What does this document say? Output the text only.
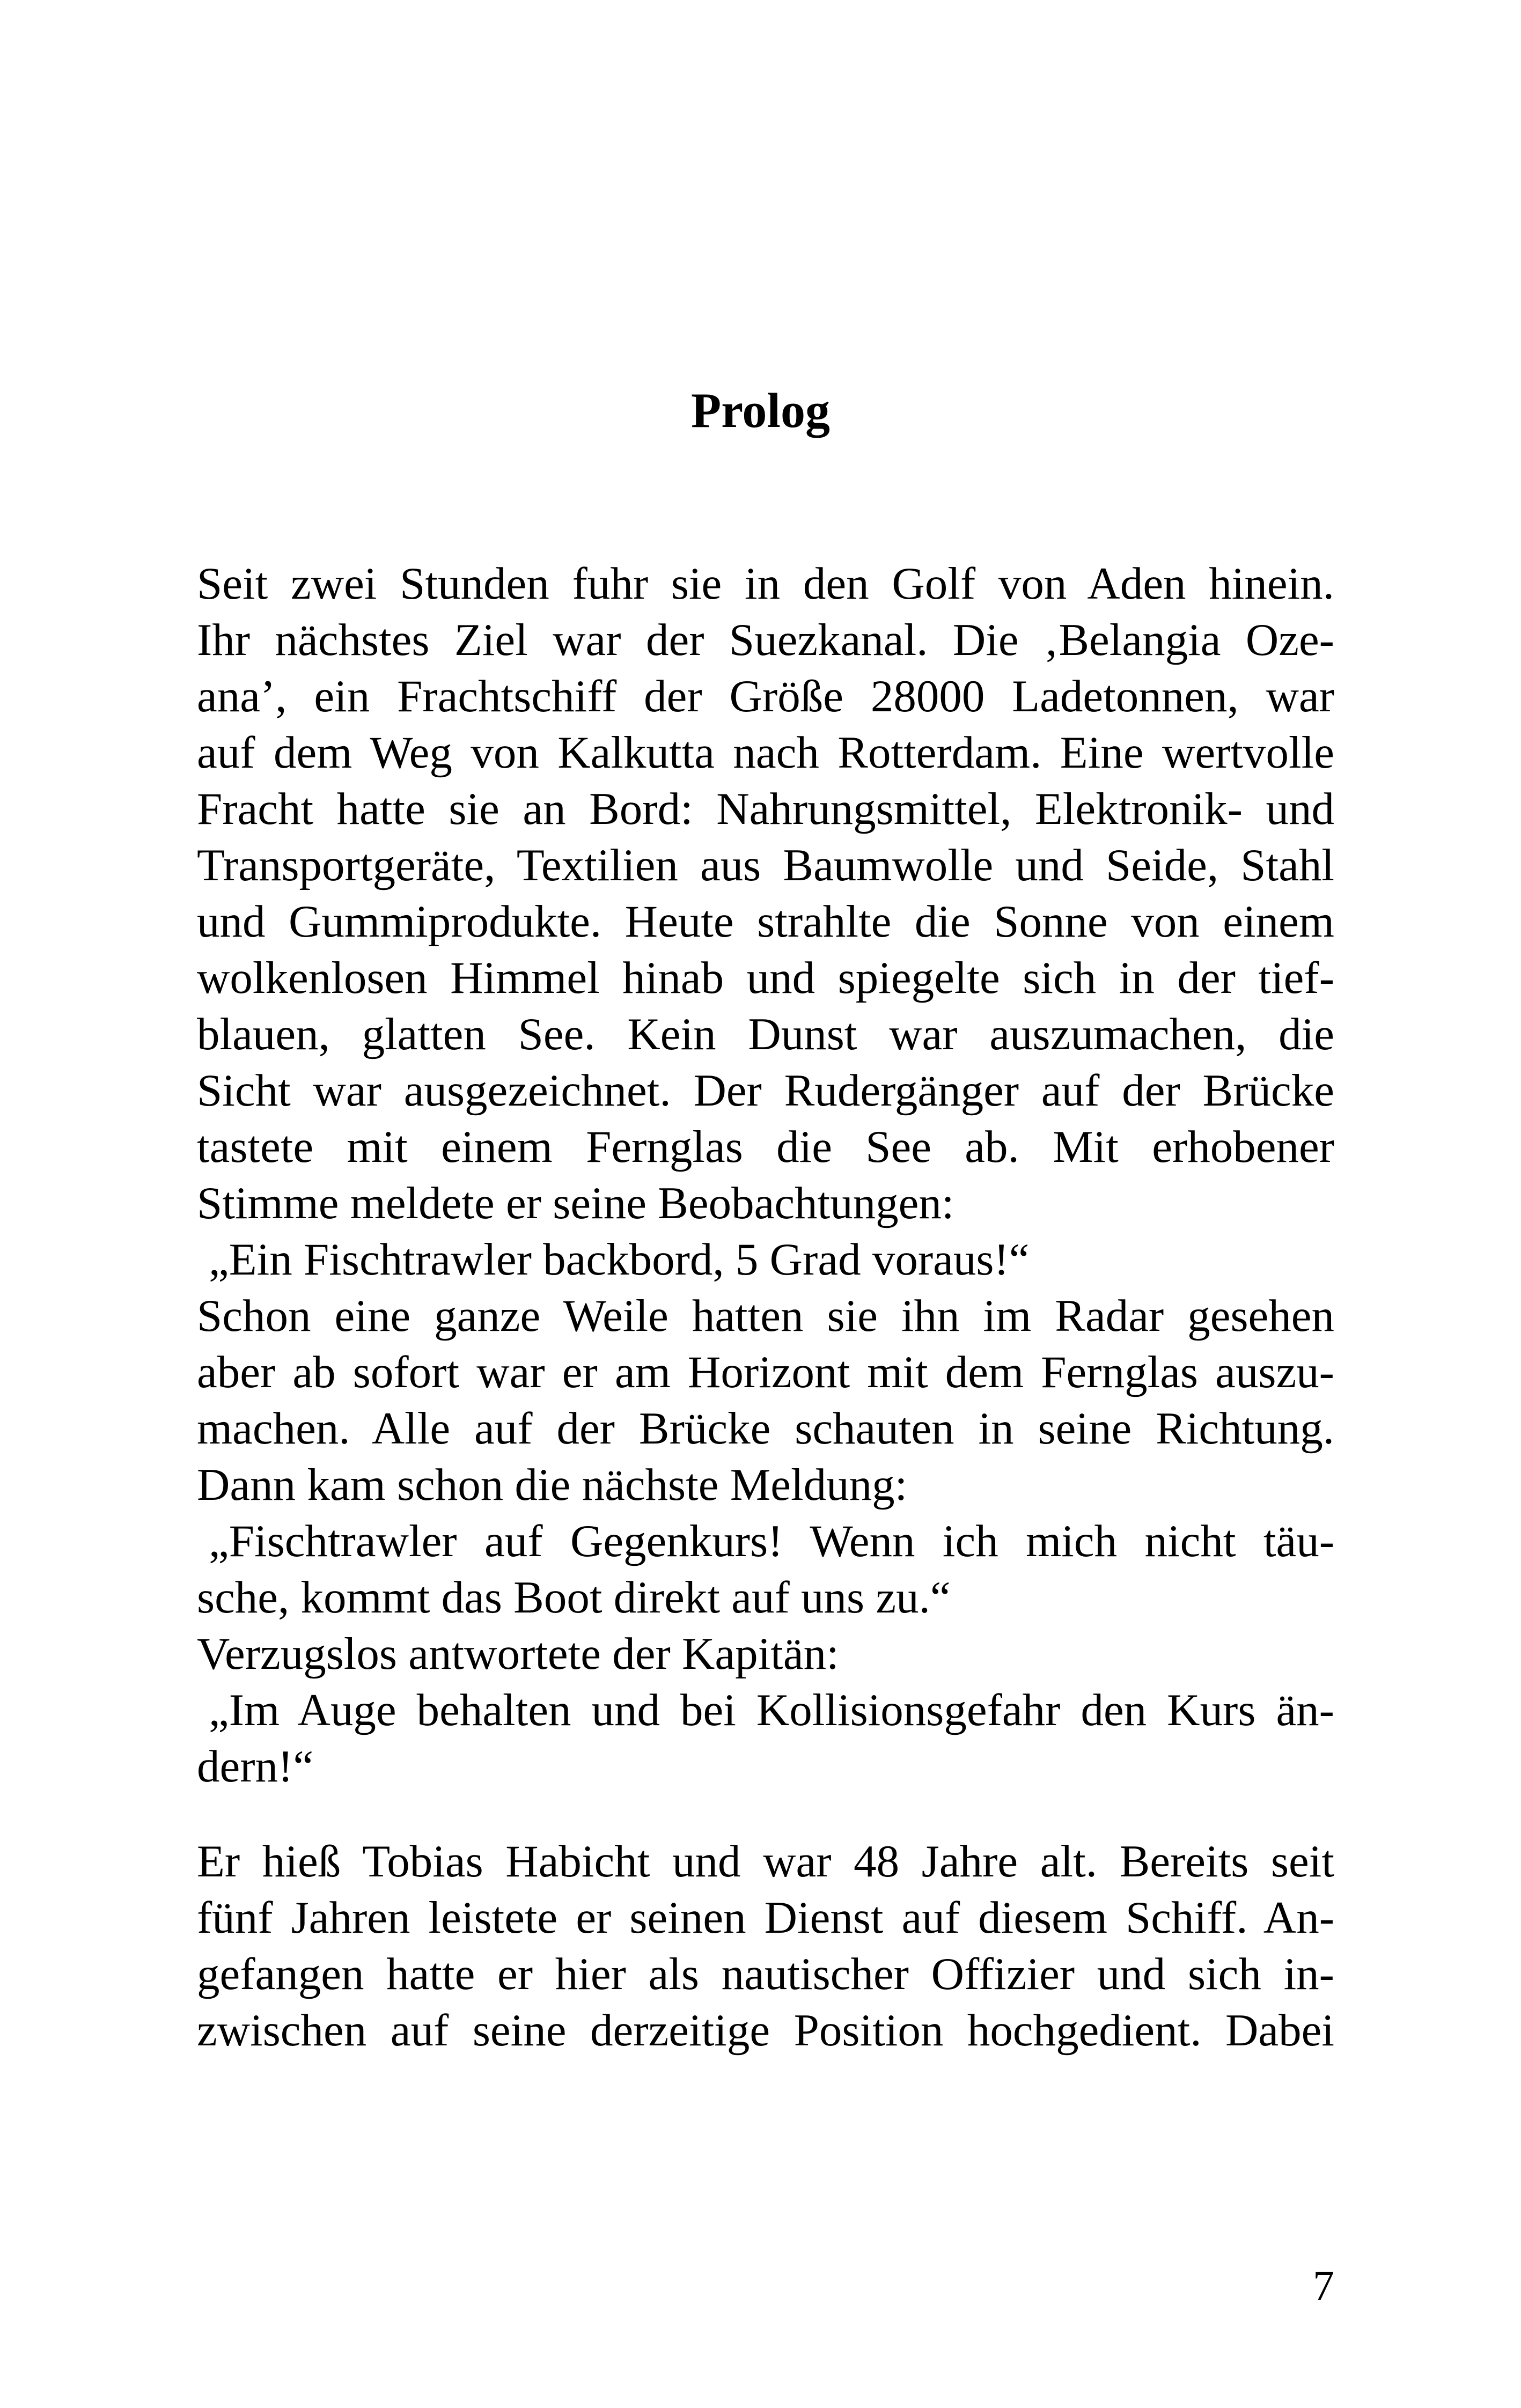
Prolog
Seit zwei Stunden fuhr sie in den Golf von Aden hinein.
Ihr nächstes Ziel war der Suezkanal. Die ‚Belangia Oze-
ana’, ein Frachtschiff der Größe 28000 Ladetonnen, war
auf dem Weg von Kalkutta nach Rotterdam. Eine wertvolle
Fracht hatte sie an Bord: Nahrungsmittel, Elektronik- und
Transportgeräte, Textilien aus Baumwolle und Seide, Stahl
und Gummiprodukte. Heute strahlte die Sonne von einem
wolkenlosen Himmel hinab und spiegelte sich in der tief-
blauen, glatten See. Kein Dunst war auszumachen, die
Sicht war ausgezeichnet. Der Rudergänger auf der Brücke
tastete mit einem Fernglas die See ab. Mit erhobener
Stimme meldete er seine Beobachtungen:
„Ein Fischtrawler backbord, 5 Grad voraus!“
Schon eine ganze Weile hatten sie ihn im Radar gesehen
aber ab sofort war er am Horizont mit dem Fernglas auszu-
machen. Alle auf der Brücke schauten in seine Richtung.
Dann kam schon die nächste Meldung:
„Fischtrawler auf Gegenkurs! Wenn ich mich nicht täu-
sche, kommt das Boot direkt auf uns zu.“
Verzugslos antwortete der Kapitän:
„Im Auge behalten und bei Kollisionsgefahr den Kurs än-
dern!“
Er hieß Tobias Habicht und war 48 Jahre alt. Bereits seit
fünf Jahren leistete er seinen Dienst auf diesem Schiff. An-
gefangen hatte er hier als nautischer Offizier und sich in-
zwischen auf seine derzeitige Position hochgedient. Dabei

7
